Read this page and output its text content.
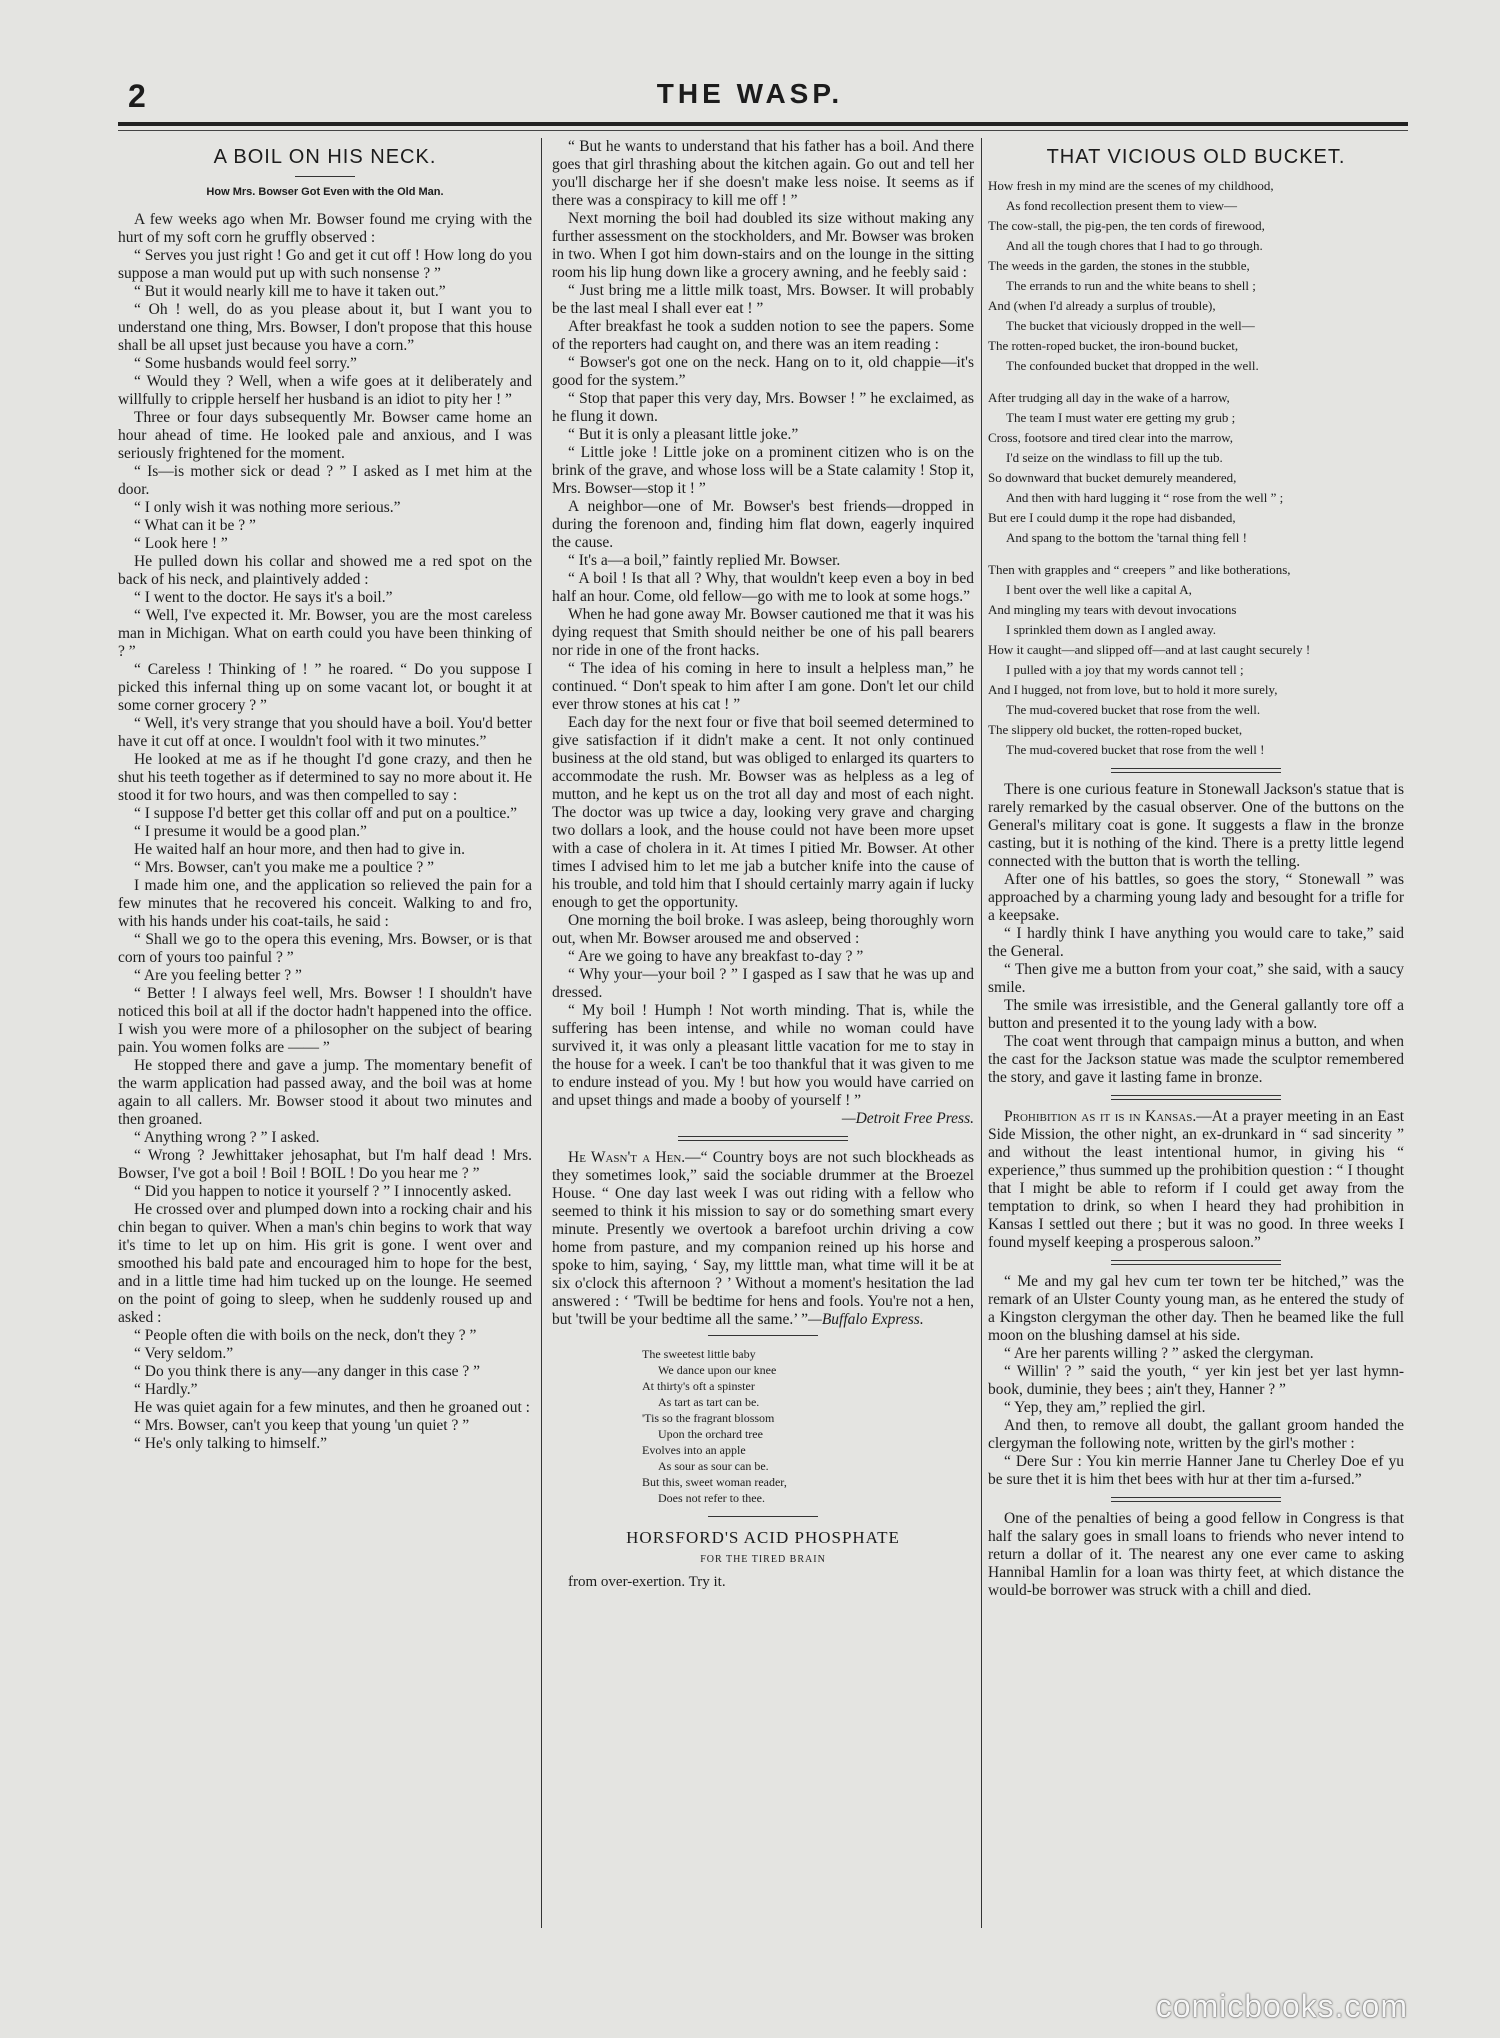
2	THE WASP.
A BOIL ON HIS NECK.
How Mrs. Bowser Got Even with the Old Man.

A few weeks ago when Mr. Bowser found me crying with the hurt of my soft corn he gruffly observed :

“ Serves you just right ! Go and get it cut off ! How long do you suppose a man would put up with such nonsense ? ”

“ But it would nearly kill me to have it taken out.”

“ Oh ! well, do as you please about it, but I want you to understand one thing, Mrs. Bowser, I don't propose that this house shall be all upset just because you have a corn.”

“ Some husbands would feel sorry.”

“ Would they ? Well, when a wife goes at it deliberately and willfully to cripple herself her husband is an idiot to pity her ! ”

Three or four days subsequently Mr. Bowser came home an hour ahead of time. He looked pale and anxious, and I was seriously frightened for the moment.

“ Is—is mother sick or dead ? ” I asked as I met him at the door.

“ I only wish it was nothing more serious.”

“ What can it be ? ”

“ Look here ! ”

He pulled down his collar and showed me a red spot on the back of his neck, and plaintively added :

“ I went to the doctor. He says it's a boil.”

“ Well, I've expected it. Mr. Bowser, you are the most careless man in Michigan. What on earth could you have been thinking of ? ”

“ Careless ! Thinking of ! ” he roared. “ Do you suppose I picked this infernal thing up on some vacant lot, or bought it at some corner grocery ? ”

“ Well, it's very strange that you should have a boil. You'd better have it cut off at once. I wouldn't fool with it two minutes.”

He looked at me as if he thought I'd gone crazy, and then he shut his teeth together as if determined to say no more about it. He stood it for two hours, and was then compelled to say :

“ I suppose I'd better get this collar off and put on a poultice.”

“ I presume it would be a good plan.”

He waited half an hour more, and then had to give in.

“ Mrs. Bowser, can't you make me a poultice ? ”

I made him one, and the application so relieved the pain for a few minutes that he recovered his conceit. Walking to and fro, with his hands under his coat-tails, he said :

“ Shall we go to the opera this evening, Mrs. Bowser, or is that corn of yours too painful ? ”

“ Are you feeling better ? ”

“ Better ! I always feel well, Mrs. Bowser ! I shouldn't have noticed this boil at all if the doctor hadn't happened into the office. I wish you were more of a philosopher on the subject of bearing pain. You women folks are —— ”

He stopped there and gave a jump. The momentary benefit of the warm application had passed away, and the boil was at home again to all callers. Mr. Bowser stood it about two minutes and then groaned.

“ Anything wrong ? ” I asked.

“ Wrong ? Jewhittaker jehosaphat, but I'm half dead ! Mrs. Bowser, I've got a boil ! Boil ! BOIL ! Do you hear me ? ”

“ Did you happen to notice it yourself ? ” I innocently asked.

He crossed over and plumped down into a rocking chair and his chin began to quiver. When a man's chin begins to work that way it's time to let up on him. His grit is gone. I went over and smoothed his bald pate and encouraged him to hope for the best, and in a little time had him tucked up on the lounge. He seemed on the point of going to sleep, when he suddenly roused up and asked :

“ People often die with boils on the neck, don't they ? ”

“ Very seldom.”

“ Do you think there is any—any danger in this case ? ”

“ Hardly.”

He was quiet again for a few minutes, and then he groaned out :

“ Mrs. Bowser, can't you keep that young 'un quiet ? ”

“ He's only talking to himself.”

“ But he wants to understand that his father has a boil. And there goes that girl thrashing about the kitchen again. Go out and tell her you'll discharge her if she doesn't make less noise. It seems as if there was a conspiracy to kill me off ! ”

Next morning the boil had doubled its size without making any further assessment on the stockholders, and Mr. Bowser was broken in two. When I got him down-stairs and on the lounge in the sitting room his lip hung down like a grocery awning, and he feebly said :

“ Just bring me a little milk toast, Mrs. Bowser. It will probably be the last meal I shall ever eat ! ”

After breakfast he took a sudden notion to see the papers. Some of the reporters had caught on, and there was an item reading :

“ Bowser's got one on the neck. Hang on to it, old chappie—it's good for the system.”

“ Stop that paper this very day, Mrs. Bowser ! ” he exclaimed, as he flung it down.

“ But it is only a pleasant little joke.”

“ Little joke ! Little joke on a prominent citizen who is on the brink of the grave, and whose loss will be a State calamity ! Stop it, Mrs. Bowser—stop it ! ”

A neighbor—one of Mr. Bowser's best friends—dropped in during the forenoon and, finding him flat down, eagerly inquired the cause.

“ It's a—a boil,” faintly replied Mr. Bowser.

“ A boil ! Is that all ? Why, that wouldn't keep even a boy in bed half an hour. Come, old fellow—go with me to look at some hogs.”

When he had gone away Mr. Bowser cautioned me that it was his dying request that Smith should neither be one of his pall bearers nor ride in one of the front hacks.

“ The idea of his coming in here to insult a helpless man,” he continued. “ Don't speak to him after I am gone. Don't let our child ever throw stones at his cat ! ”

Each day for the next four or five that boil seemed determined to give satisfaction if it didn't make a cent. It not only continued business at the old stand, but was obliged to enlarged its quarters to accommodate the rush. Mr. Bowser was as helpless as a leg of mutton, and he kept us on the trot all day and most of each night. The doctor was up twice a day, looking very grave and charging two dollars a look, and the house could not have been more upset with a case of cholera in it. At times I pitied Mr. Bowser. At other times I advised him to let me jab a butcher knife into the cause of his trouble, and told him that I should certainly marry again if lucky enough to get the opportunity.

One morning the boil broke. I was asleep, being thoroughly worn out, when Mr. Bowser aroused me and observed :

“ Are we going to have any breakfast to-day ? ”

“ Why your—your boil ? ” I gasped as I saw that he was up and dressed.

“ My boil ! Humph ! Not worth minding. That is, while the suffering has been intense, and while no woman could have survived it, it was only a pleasant little vacation for me to stay in the house for a week. I can't be too thankful that it was given to me to endure instead of you. My ! but how you would have carried on and upset things and made a booby of yourself ! ”

—Detroit Free Press.

He Wasn't a Hen.—“ Country boys are not such blockheads as they sometimes look,” said the sociable drummer at the Broezel House. “ One day last week I was out riding with a fellow who seemed to think it his mission to say or do something smart every minute. Presently we overtook a barefoot urchin driving a cow home from pasture, and my companion reined up his horse and spoke to him, saying, ‘ Say, my litttle man, what time will it be at six o'clock this afternoon ? ’ Without a moment's hesitation the lad answered : ‘ 'Twill be bedtime for hens and fools. You're not a hen, but 'twill be your bedtime all the same.’ ”—Buffalo Express.

The sweetest little baby
We dance upon our knee
At thirty's oft a spinster
As tart as tart can be.
'Tis so the fragrant blossom
Upon the orchard tree
Evolves into an apple
As sour as sour can be.
But this, sweet woman reader,
Does not refer to thee.
HORSFORD'S ACID PHOSPHATE
FOR THE TIRED BRAIN

from over-exertion. Try it.

THAT VICIOUS OLD BUCKET.
How fresh in my mind are the scenes of my childhood,
As fond recollection present them to view—
The cow-stall, the pig-pen, the ten cords of firewood,
And all the tough chores that I had to go through.
The weeds in the garden, the stones in the stubble,
The errands to run and the white beans to shell ;
And (when I'd already a surplus of trouble),
The bucket that viciously dropped in the well—
The rotten-roped bucket, the iron-bound bucket,
The confounded bucket that dropped in the well.
After trudging all day in the wake of a harrow,
The team I must water ere getting my grub ;
Cross, footsore and tired clear into the marrow,
I'd seize on the windlass to fill up the tub.
So downward that bucket demurely meandered,
And then with hard lugging it “ rose from the well ” ;
But ere I could dump it the rope had disbanded,
And spang to the bottom the 'tarnal thing fell !
Then with grapples and “ creepers ” and like botherations,
I bent over the well like a capital A,
And mingling my tears with devout invocations
I sprinkled them down as I angled away.
How it caught—and slipped off—and at last caught securely !
I pulled with a joy that my words cannot tell ;
And I hugged, not from love, but to hold it more surely,
The mud-covered bucket that rose from the well.
The slippery old bucket, the rotten-roped bucket,
The mud-covered bucket that rose from the well !

There is one curious feature in Stonewall Jackson's statue that is rarely remarked by the casual observer. One of the buttons on the General's military coat is gone. It suggests a flaw in the bronze casting, but it is nothing of the kind. There is a pretty little legend connected with the button that is worth the telling.

After one of his battles, so goes the story, “ Stonewall ” was approached by a charming young lady and besought for a trifle for a keepsake.

“ I hardly think I have anything you would care to take,” said the General.

“ Then give me a button from your coat,” she said, with a saucy smile.

The smile was irresistible, and the General gallantly tore off a button and presented it to the young lady with a bow.

The coat went through that campaign minus a button, and when the cast for the Jackson statue was made the sculptor remembered the story, and gave it lasting fame in bronze.

Prohibition as it is in Kansas.—At a prayer meeting in an East Side Mission, the other night, an ex-drunkard in “ sad sincerity ” and without the least intentional humor, in giving his “ experience,” thus summed up the prohibition question : “ I thought that I might be able to reform if I could get away from the temptation to drink, so when I heard they had prohibition in Kansas I settled out there ; but it was no good. In three weeks I found myself keeping a prosperous saloon.”

“ Me and my gal hev cum ter town ter be hitched,” was the remark of an Ulster County young man, as he entered the study of a Kingston clergyman the other day. Then he beamed like the full moon on the blushing damsel at his side.

“ Are her parents willing ? ” asked the clergyman.

“ Willin' ? ” said the youth, “ yer kin jest bet yer last hymn-book, duminie, they bees ; ain't they, Hanner ? ”

“ Yep, they am,” replied the girl.

And then, to remove all doubt, the gallant groom handed the clergyman the following note, written by the girl's mother :

“ Dere Sur : You kin merrie Hanner Jane tu Cherley Doe ef yu be sure thet it is him thet bees with hur at ther tim a-fursed.”

One of the penalties of being a good fellow in Congress is that half the salary goes in small loans to friends who never intend to return a dollar of it. The nearest any one ever came to asking Hannibal Hamlin for a loan was thirty feet, at which distance the would-be borrower was struck with a chill and died.

comicbooks.com
